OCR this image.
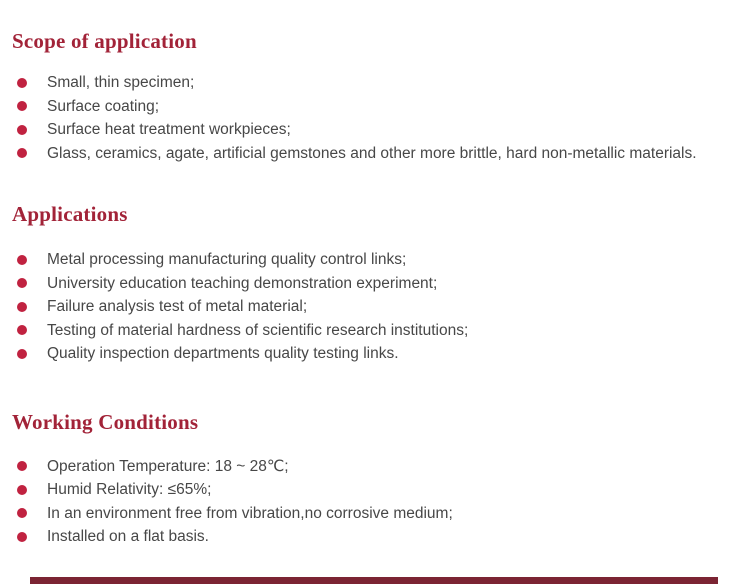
Scope of application
Small, thin specimen;
Surface coating;
Surface heat treatment workpieces;
Glass, ceramics, agate, artificial gemstones and other more brittle, hard non-metallic materials.
Applications
Metal processing manufacturing quality control links;
University education teaching demonstration experiment;
Failure analysis test of metal material;
Testing of material hardness of scientific research institutions;
Quality inspection departments quality testing links.
Working Conditions
Operation Temperature: 18 ~ 28℃;
Humid Relativity: ≤65%;
In an environment free from vibration,no corrosive medium;
Installed on a flat basis.
